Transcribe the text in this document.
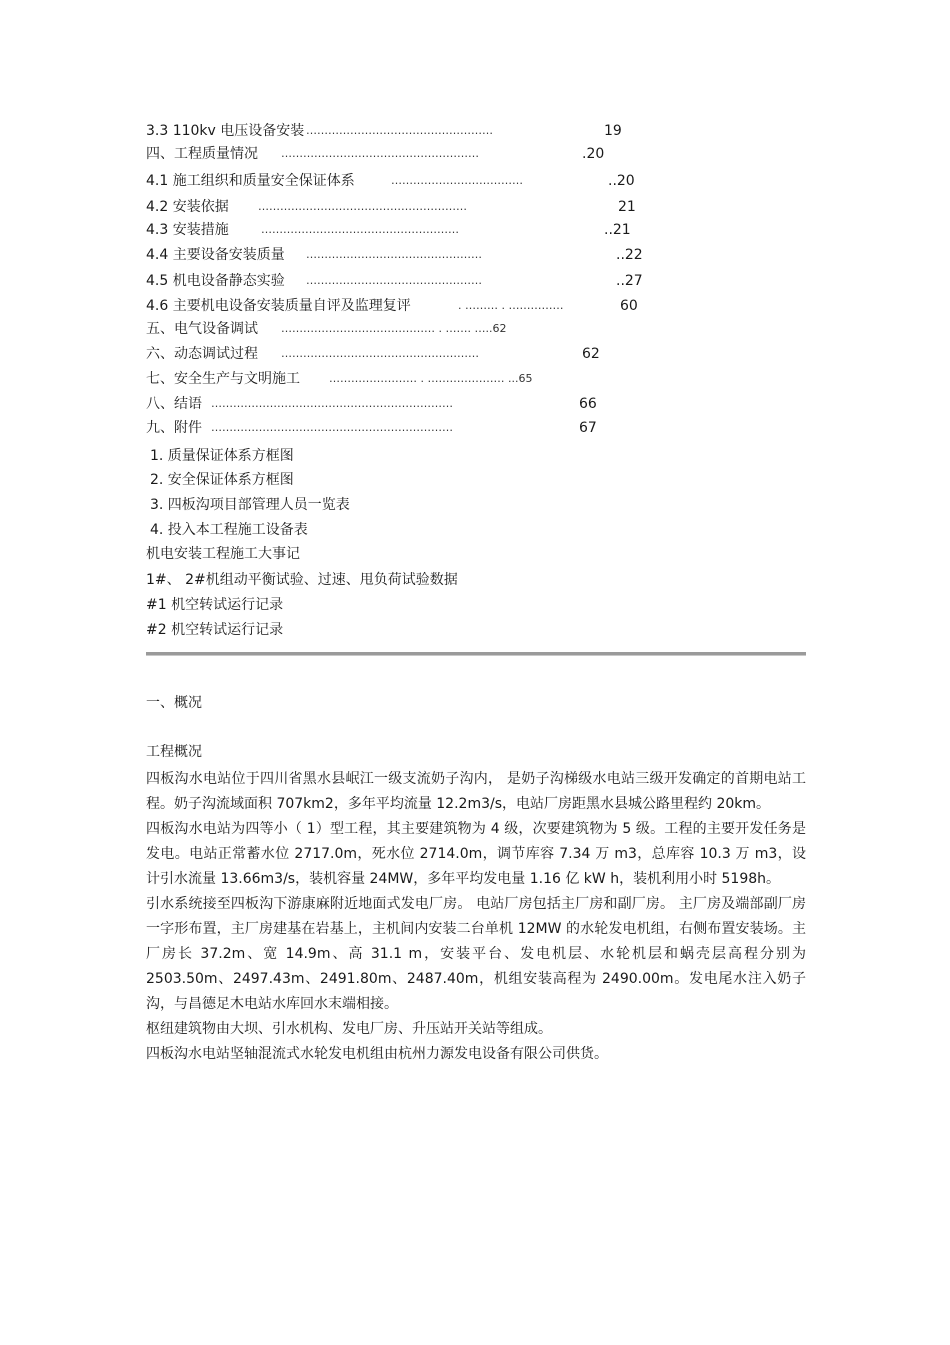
3.3 110kv 电压设备安装 ……………………………………………	19
四、工程质量情况 ………………………………………………	.20
4.1 施工组织和质量安全保证体系	………………………………	..20
4.2 安装依据	…………………………………………………	21
4.3 安装措施	………………………………………………	..21
4.4 主要设备安装质量 …………………………………………	..22
4.5 机电设备静态实验 …………………………………………	..27
4.6 主要机电设备安装质量自评及监理复评	. ……… . ……………	60
五、电气设备调试 …………………………………… . ……. …..62
六、动态调试过程 ………………………………………………	62
七、安全生产与文明施工	…………………… . ………………… ...65
八、结语 …………………………………………………………	66
九、附件 …………………………………………………………	67
1. 质量保证体系方框图
2. 安全保证体系方框图
3. 四板沟项目部管理人员一览表
4. 投入本工程施工设备表
机电安装工程施工大事记
1#、 2#机组动平衡试验、过速、甩负荷试验数据
#1 机空转试运行记录
#2 机空转试运行记录
一、概况
工程概况

四板沟水电站位于四川省黑水县岷江一级支流奶子沟内， 是奶子沟梯级水电站三级开发确定的首期电站工程。奶子沟流域面积 707km2，多年平均流量 12.2m3/s，电站厂房距黑水县城公路里程约 20km。

四板沟水电站为四等小（ 1）型工程，其主要建筑物为 4 级，次要建筑物为 5 级。工程的主要开发任务是发电。电站正常蓄水位 2717.0m，死水位 2714.0m，调节库容 7.34 万 m3，总库容 10.3 万 m3，设计引水流量 13.66m3/s，装机容量 24MW，多年平均发电量 1.16 亿 kW h，装机利用小时 5198h。

引水系统接至四板沟下游康麻附近地面式发电厂房。 电站厂房包括主厂房和副厂房。 主厂房及端部副厂房一字形布置，主厂房建基在岩基上，主机间内安装二台单机 12MW 的水轮发电机组，右侧布置安装场。主厂房长 37.2m、宽 14.9m、高 31.1 m，安装平台、发电机层、水轮机层和蜗壳层高程分别为 2503.50m、2497.43m、2491.80m、2487.40m，机组安装高程为 2490.00m。发电尾水注入奶子沟，与昌德足木电站水库回水末端相接。

枢纽建筑物由大坝、引水机构、发电厂房、升压站开关站等组成。

四板沟水电站坚轴混流式水轮发电机组由杭州力源发电设备有限公司供货。
